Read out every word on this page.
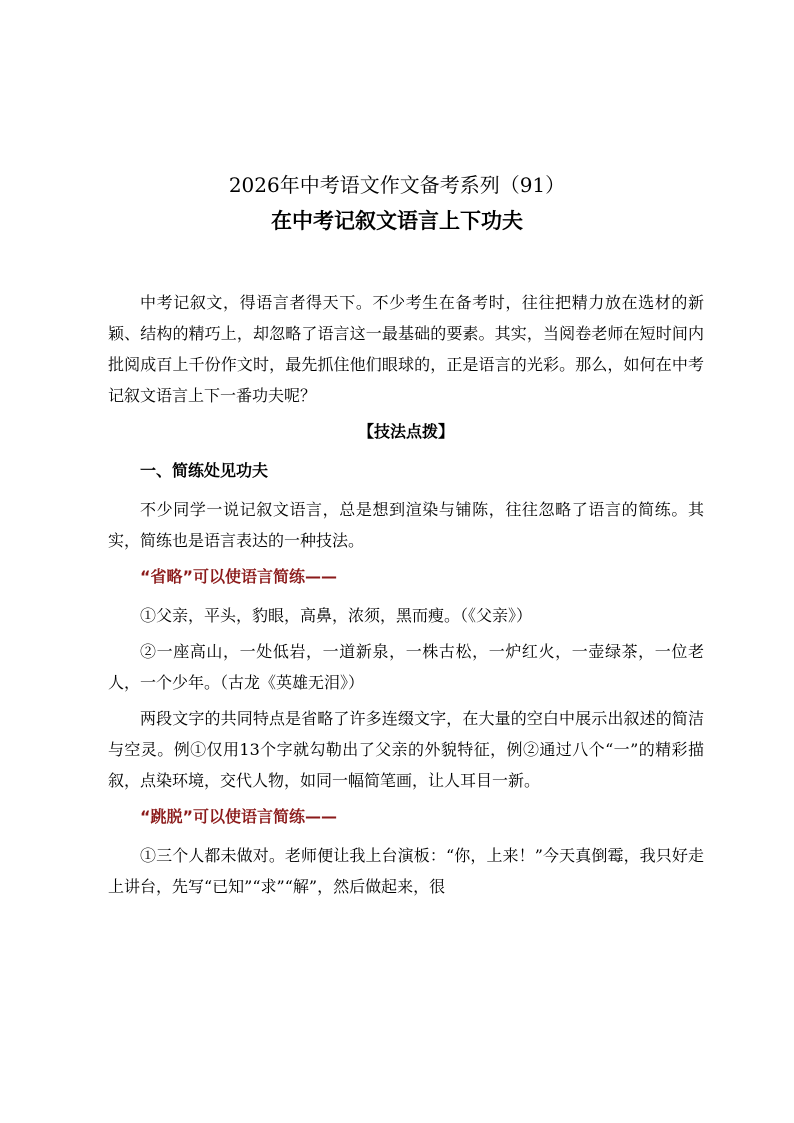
2026年中考语文作文备考系列（91）
在中考记叙文语言上下功夫

中考记叙文，得语言者得天下。不少考生在备考时，往往把精力放在选材的新颖、结构的精巧上，却忽略了语言这一最基础的要素。其实，当阅卷老师在短时间内批阅成百上千份作文时，最先抓住他们眼球的，正是语言的光彩。那么，如何在中考记叙文语言上下一番功夫呢？

【技法点拨】

一、简练处见功夫

不少同学一说记叙文语言，总是想到渲染与铺陈，往往忽略了语言的简练。其实，简练也是语言表达的一种技法。

“省略”可以使语言简练——

①父亲，平头，豹眼，高鼻，浓须，黑而瘦。（《父亲》）

②一座高山，一处低岩，一道新泉，一株古松，一炉红火，一壶绿茶，一位老人，一个少年。（古龙《英雄无泪》）

两段文字的共同特点是省略了许多连缀文字，在大量的空白中展示出叙述的简洁与空灵。例①仅用13个字就勾勒出了父亲的外貌特征，例②通过八个“一”的精彩描叙，点染环境，交代人物，如同一幅简笔画，让人耳目一新。

“跳脱”可以使语言简练——

①三个人都未做对。老师便让我上台演板：“你，上来！”今天真倒霉，我只好走上讲台，先写“已知”“求”“解”，然后做起来，很
